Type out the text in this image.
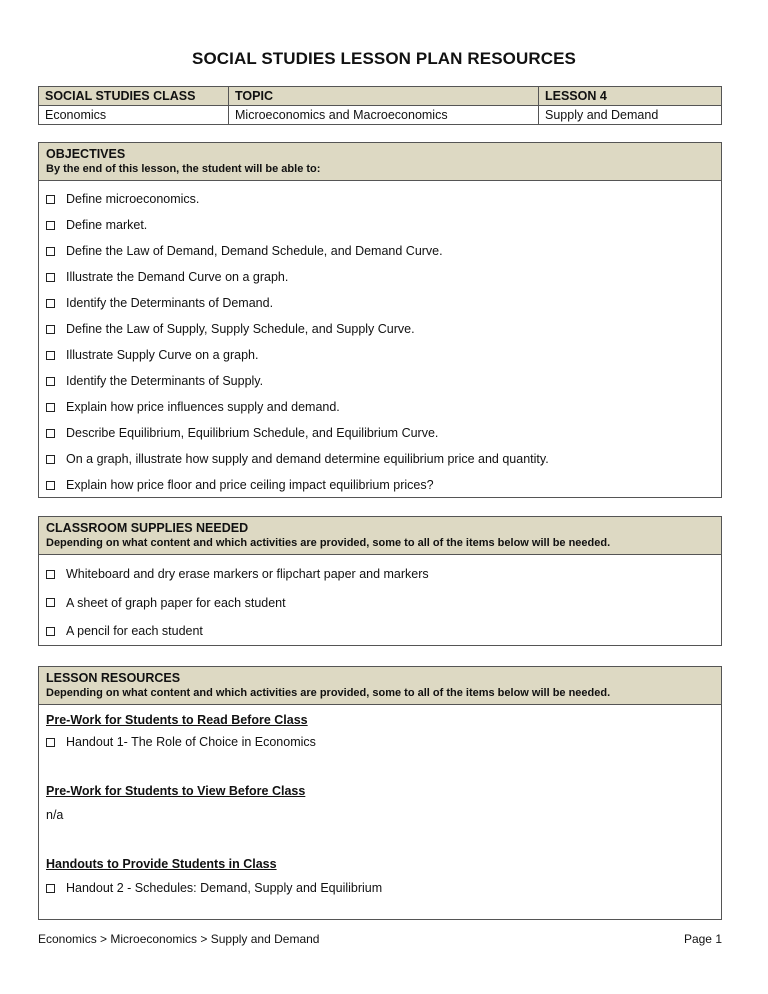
SOCIAL STUDIES LESSON PLAN RESOURCES
SOCIAL STUDIES CLASS
Economics
TOPIC
Microeconomics and Macroeconomics
LESSON 4
Supply and Demand
OBJECTIVES
By the end of this lesson, the student will be able to:
Define microeconomics.
Define market.
Define the Law of Demand, Demand Schedule, and Demand Curve.
Illustrate the Demand Curve on a graph.
Identify the Determinants of Demand.
Define the Law of Supply, Supply Schedule, and Supply Curve.
Illustrate Supply Curve on a graph.
Identify the Determinants of Supply.
Explain how price influences supply and demand.
Describe Equilibrium, Equilibrium Schedule, and Equilibrium Curve.
On a graph, illustrate how supply and demand determine equilibrium price and quantity.
Explain how price floor and price ceiling impact equilibrium prices?
CLASSROOM SUPPLIES NEEDED
Depending on what content and which activities are provided, some to all of the items below will be needed.
Whiteboard and dry erase markers or flipchart paper and markers
A sheet of graph paper for each student
A pencil for each student
LESSON RESOURCES
Depending on what content and which activities are provided, some to all of the items below will be needed.
Pre-Work for Students to Read Before Class
Handout 1- The Role of Choice in Economics
Pre-Work for Students to View Before Class
n/a
Handouts to Provide Students in Class
Handout 2 - Schedules: Demand, Supply and Equilibrium
Economics > Microeconomics > Supply and Demand	Page 1
